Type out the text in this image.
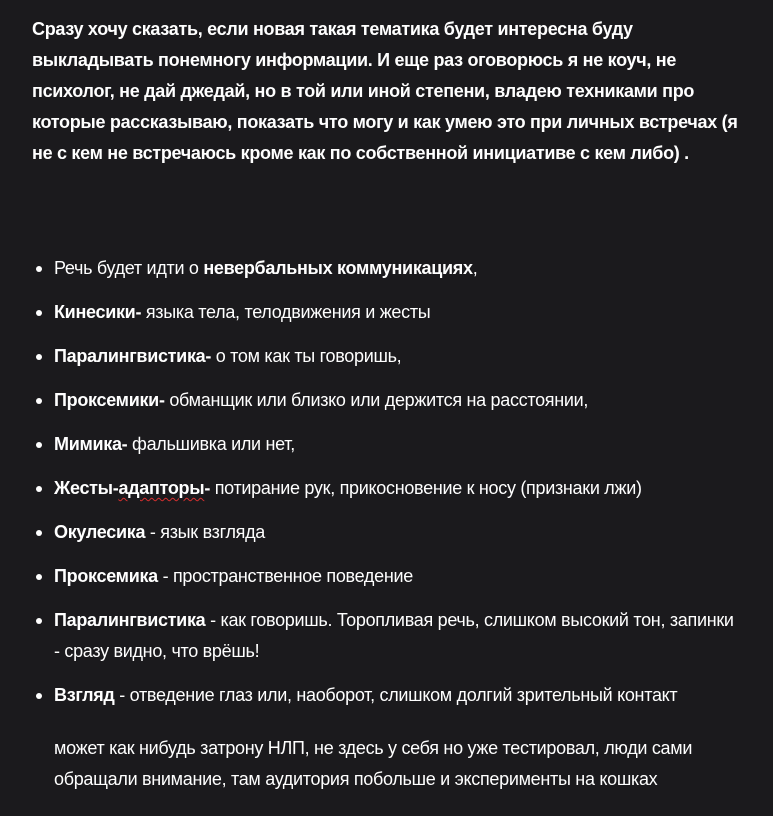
Сразу хочу сказать, если новая такая тематика будет интересна буду выкладывать понемногу информации. И еще раз оговорюсь я не коуч, не психолог, не дай джедай, но в той или иной степени, владею техниками про которые рассказываю, показать что могу и как умею это при личных встречах (я не с кем не встречаюсь кроме как по собственной инициативе с кем либо) .

Речь будет идти о невербальных коммуникациях,
Кинесики- языка тела, телодвижения и жесты
Паралингвистика- о том как ты говоришь,
Проксемики- обманщик или близко или держится на расстоянии,
Мимика- фальшивка или нет,
Жесты-адапторы- потирание рук, прикосновение к носу (признаки лжи)
Окулесика - язык взгляда
Проксемика - пространственное поведение
Паралингвистика - как говоришь. Торопливая речь, слишком высокий тон, запинки - сразу видно, что врёшь!
Взгляд - отведение глаз или, наоборот, слишком долгий зрительный контакт

может как нибудь затрону НЛП, не здесь у себя но уже тестировал, люди сами обращали внимание, там аудитория побольше и эксперименты на кошках
